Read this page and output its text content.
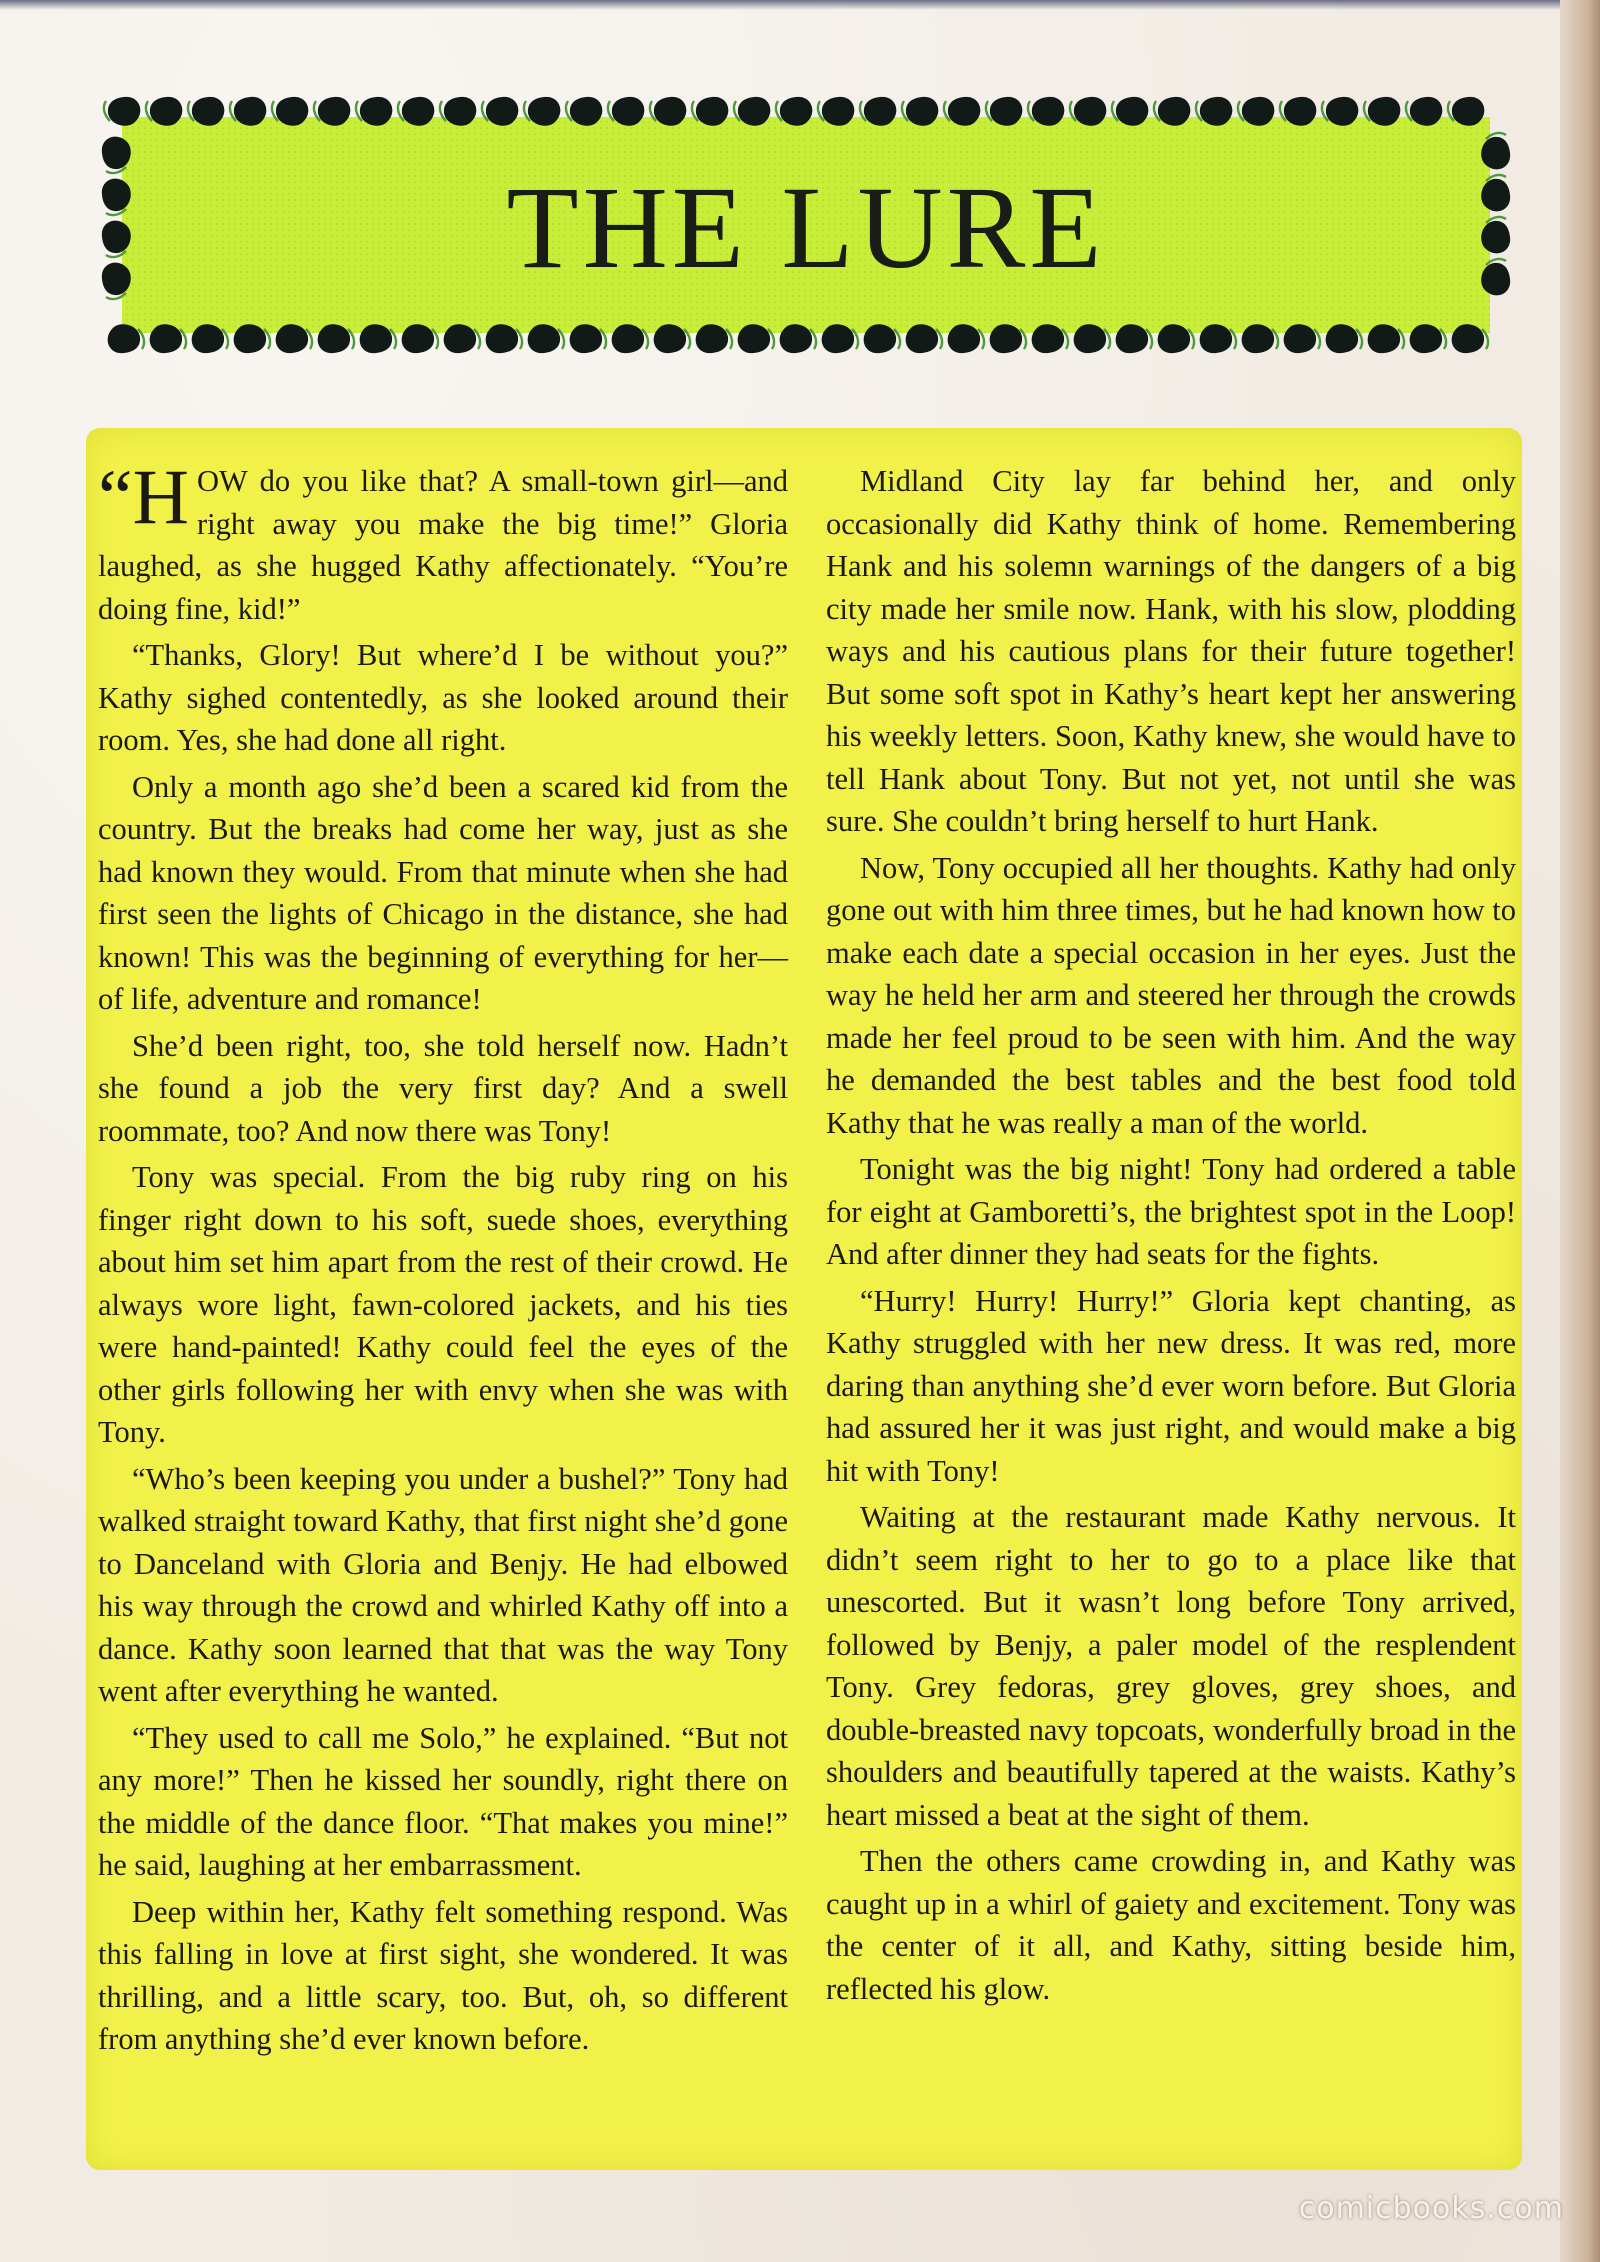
THE LURE

“H OW do you like that? A small-town girl—and right away you make the big time!” Gloria laughed, as she hugged Kathy affectionately. “You’re doing fine, kid!”

“Thanks, Glory! But where’d I be without you?” Kathy sighed contentedly, as she looked around their room. Yes, she had done all right.

Only a month ago she’d been a scared kid from the country. But the breaks had come her way, just as she had known they would. From that minute when she had first seen the lights of Chicago in the distance, she had known! This was the beginning of everything for her—of life, adventure and romance!

She’d been right, too, she told herself now. Hadn’t she found a job the very first day? And a swell roommate, too? And now there was Tony!

Tony was special. From the big ruby ring on his finger right down to his soft, suede shoes, everything about him set him apart from the rest of their crowd. He always wore light, fawn-colored jackets, and his ties were hand-painted! Kathy could feel the eyes of the other girls following her with envy when she was with Tony.

“Who’s been keeping you under a bushel?” Tony had walked straight toward Kathy, that first night she’d gone to Danceland with Gloria and Benjy. He had elbowed his way through the crowd and whirled Kathy off into a dance. Kathy soon learned that that was the way Tony went after everything he wanted.

“They used to call me Solo,” he explained. “But not any more!” Then he kissed her soundly, right there on the middle of the dance floor. “That makes you mine!” he said, laughing at her embarrassment.

Deep within her, Kathy felt something respond. Was this falling in love at first sight, she wondered. It was thrilling, and a little scary, too. But, oh, so different from anything she’d ever known before.

Midland City lay far behind her, and only occasionally did Kathy think of home. Remembering Hank and his solemn warnings of the dangers of a big city made her smile now. Hank, with his slow, plodding ways and his cautious plans for their future together! But some soft spot in Kathy’s heart kept her answering his weekly letters. Soon, Kathy knew, she would have to tell Hank about Tony. But not yet, not until she was sure. She couldn’t bring herself to hurt Hank.

Now, Tony occupied all her thoughts. Kathy had only gone out with him three times, but he had known how to make each date a special occasion in her eyes. Just the way he held her arm and steered her through the crowds made her feel proud to be seen with him. And the way he demanded the best tables and the best food told Kathy that he was really a man of the world.

Tonight was the big night! Tony had ordered a table for eight at Gamboretti’s, the brightest spot in the Loop! And after dinner they had seats for the fights.

“Hurry! Hurry! Hurry!” Gloria kept chanting, as Kathy struggled with her new dress. It was red, more daring than anything she’d ever worn before. But Gloria had assured her it was just right, and would make a big hit with Tony!

Waiting at the restaurant made Kathy nervous. It didn’t seem right to her to go to a place like that unescorted. But it wasn’t long before Tony arrived, followed by Benjy, a paler model of the resplendent Tony. Grey fedoras, grey gloves, grey shoes, and double-breasted navy topcoats, wonderfully broad in the shoulders and beautifully tapered at the waists. Kathy’s heart missed a beat at the sight of them.

Then the others came crowding in, and Kathy was caught up in a whirl of gaiety and excitement. Tony was the center of it all, and Kathy, sitting beside him, reflected his glow.

comicbooks.com
